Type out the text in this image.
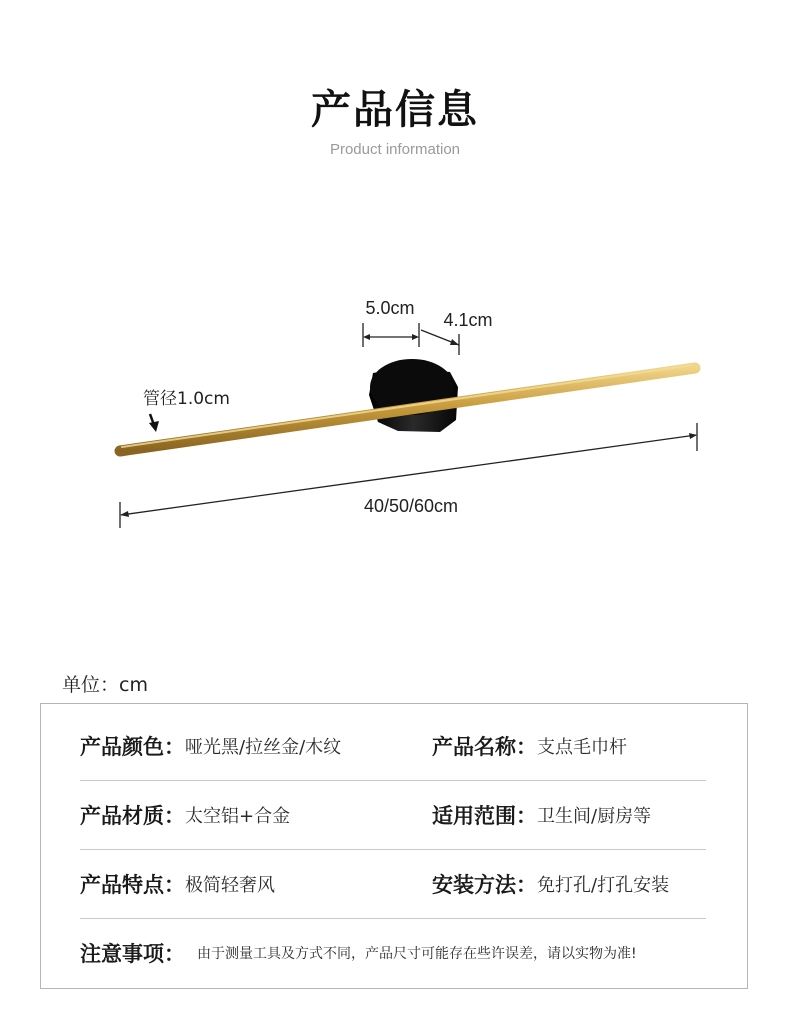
产品信息
Product information
5.0cm
4.1cm
管径1.0cm
40/50/60cm
单位：cm
产品颜色： 哑光黑/拉丝金/木纹	产品名称： 支点毛巾杆
产品材质： 太空铝+合金	适用范围： 卫生间/厨房等
产品特点： 极简轻奢风	安装方法： 免打孔/打孔安装
注意事项： 由于测量工具及方式不同，产品尺寸可能存在些许误差，请以实物为准!
